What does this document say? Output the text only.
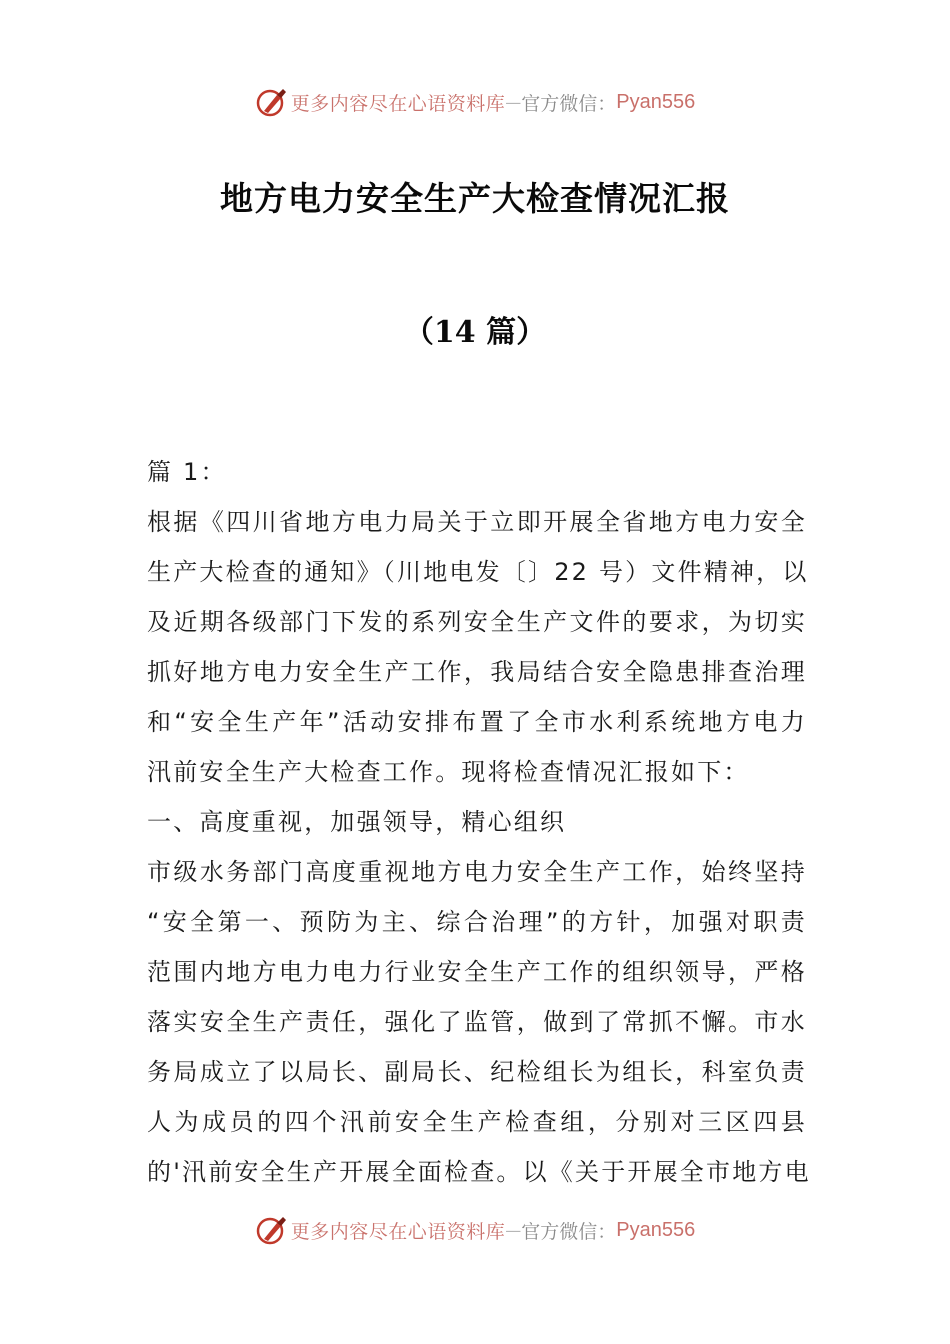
更多内容尽在心语资料库 — 官方微信： Pyan556
地方电力安全生产大检查情况汇报
（14 篇）
篇 1：
根据《四川省地方电力局关于立即开展全省地方电力安全
生产大检查的通知》（川地电发〔〕22 号）文件精神，以
及近期各级部门下发的系列安全生产文件的要求，为切实
抓好地方电力安全生产工作，我局结合安全隐患排查治理
和“安全生产年”活动安排布置了全市水利系统地方电力
汛前安全生产大检查工作。现将检查情况汇报如下：
一、高度重视，加强领导，精心组织
市级水务部门高度重视地方电力安全生产工作，始终坚持
“安全第一、预防为主、综合治理”的方针，加强对职责
范围内地方电力电力行业安全生产工作的组织领导，严格
落实安全生产责任，强化了监管，做到了常抓不懈。市水
务局成立了以局长、副局长、纪检组长为组长，科室负责
人为成员的四个汛前安全生产检查组，分别对三区四县
的'汛前安全生产开展全面检查。以《关于开展全市地方电
更多内容尽在心语资料库 — 官方微信： Pyan556
